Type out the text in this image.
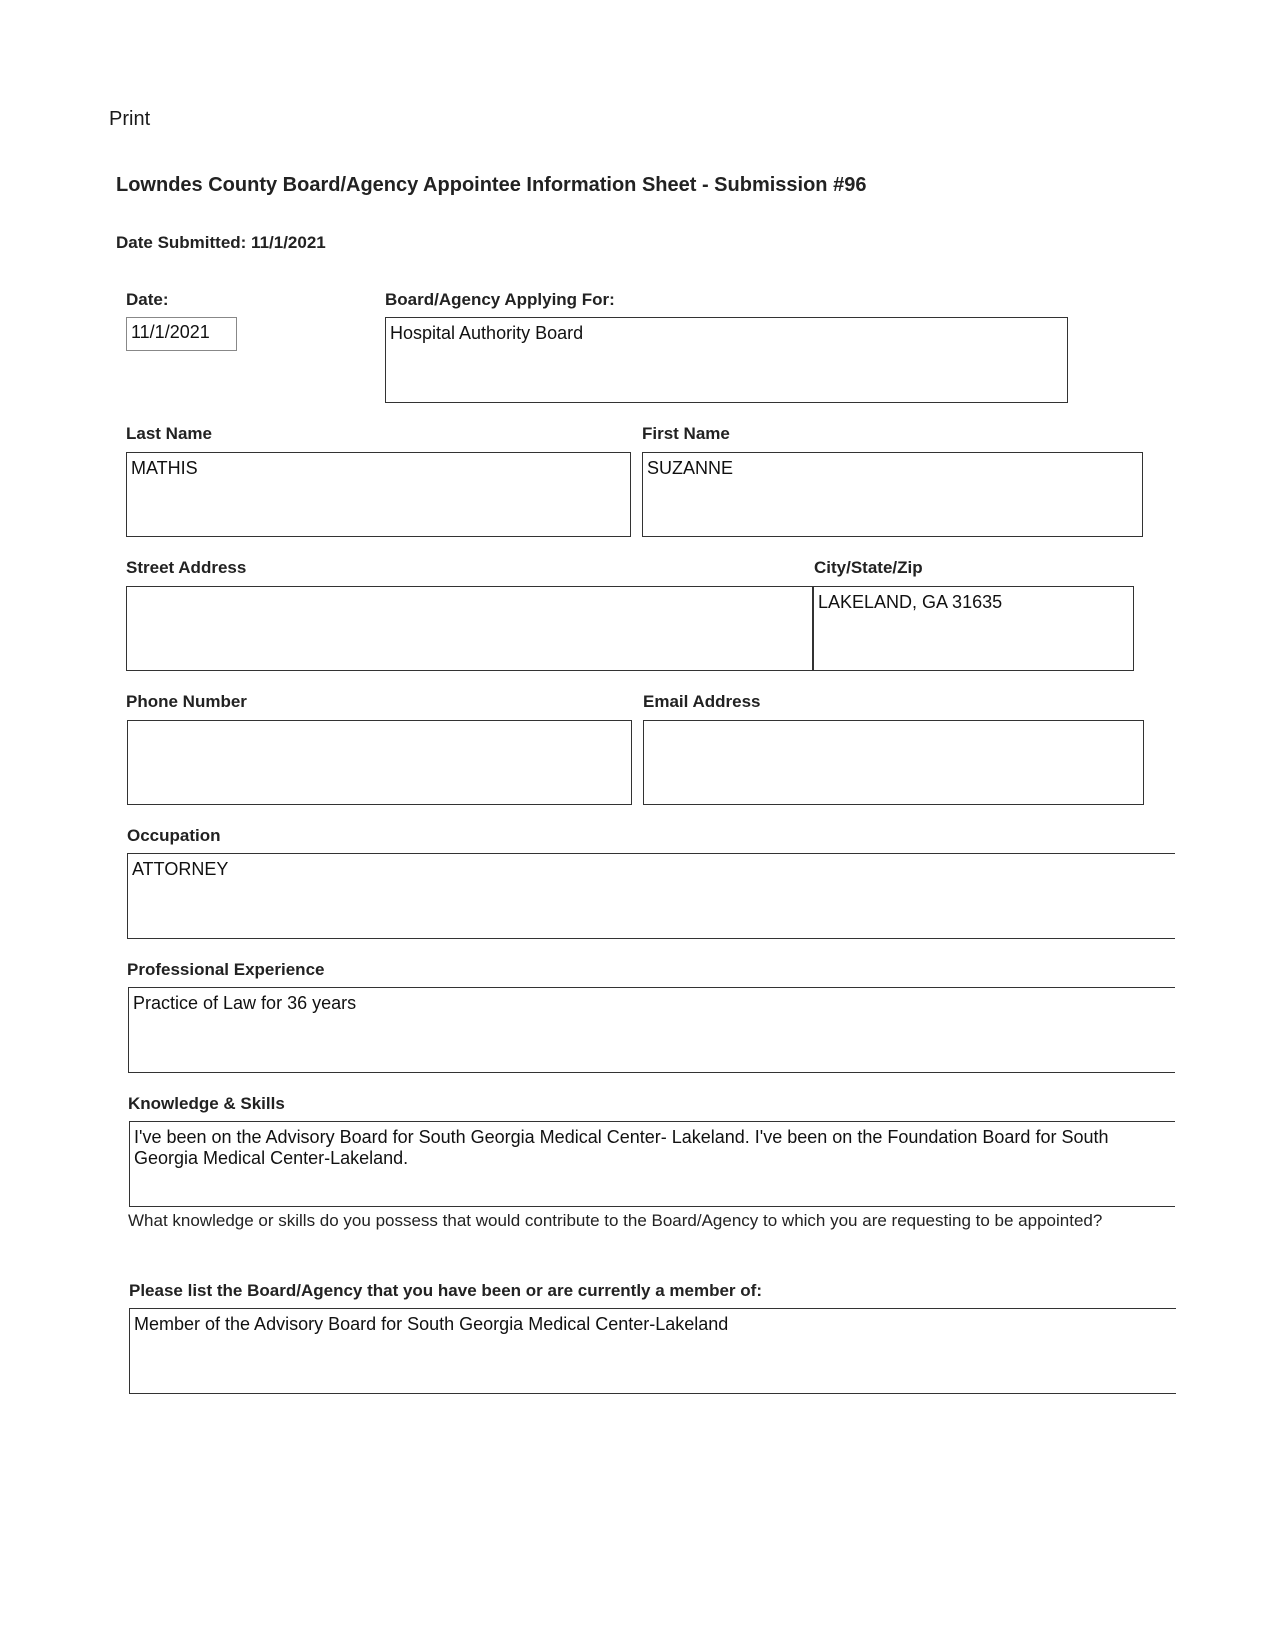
Print
Lowndes County Board/Agency Appointee Information Sheet - Submission #96
Date Submitted: 11/1/2021
Date:
11/1/2021
Board/Agency Applying For:
Hospital Authority Board
Last Name
MATHIS
First Name
SUZANNE
Street Address	City/State/Zip
LAKELAND, GA 31635
Phone Number	Email Address
Occupation
ATTORNEY
Professional Experience
Practice of Law for 36 years
Knowledge & Skills
I've been on the Advisory Board for South Georgia Medical Center- Lakeland. I've been on the Foundation Board for South Georgia Medical Center-Lakeland.
What knowledge or skills do you possess that would contribute to the Board/Agency to which you are requesting to be appointed?
Please list the Board/Agency that you have been or are currently a member of:
Member of the Advisory Board for South Georgia Medical Center-Lakeland
